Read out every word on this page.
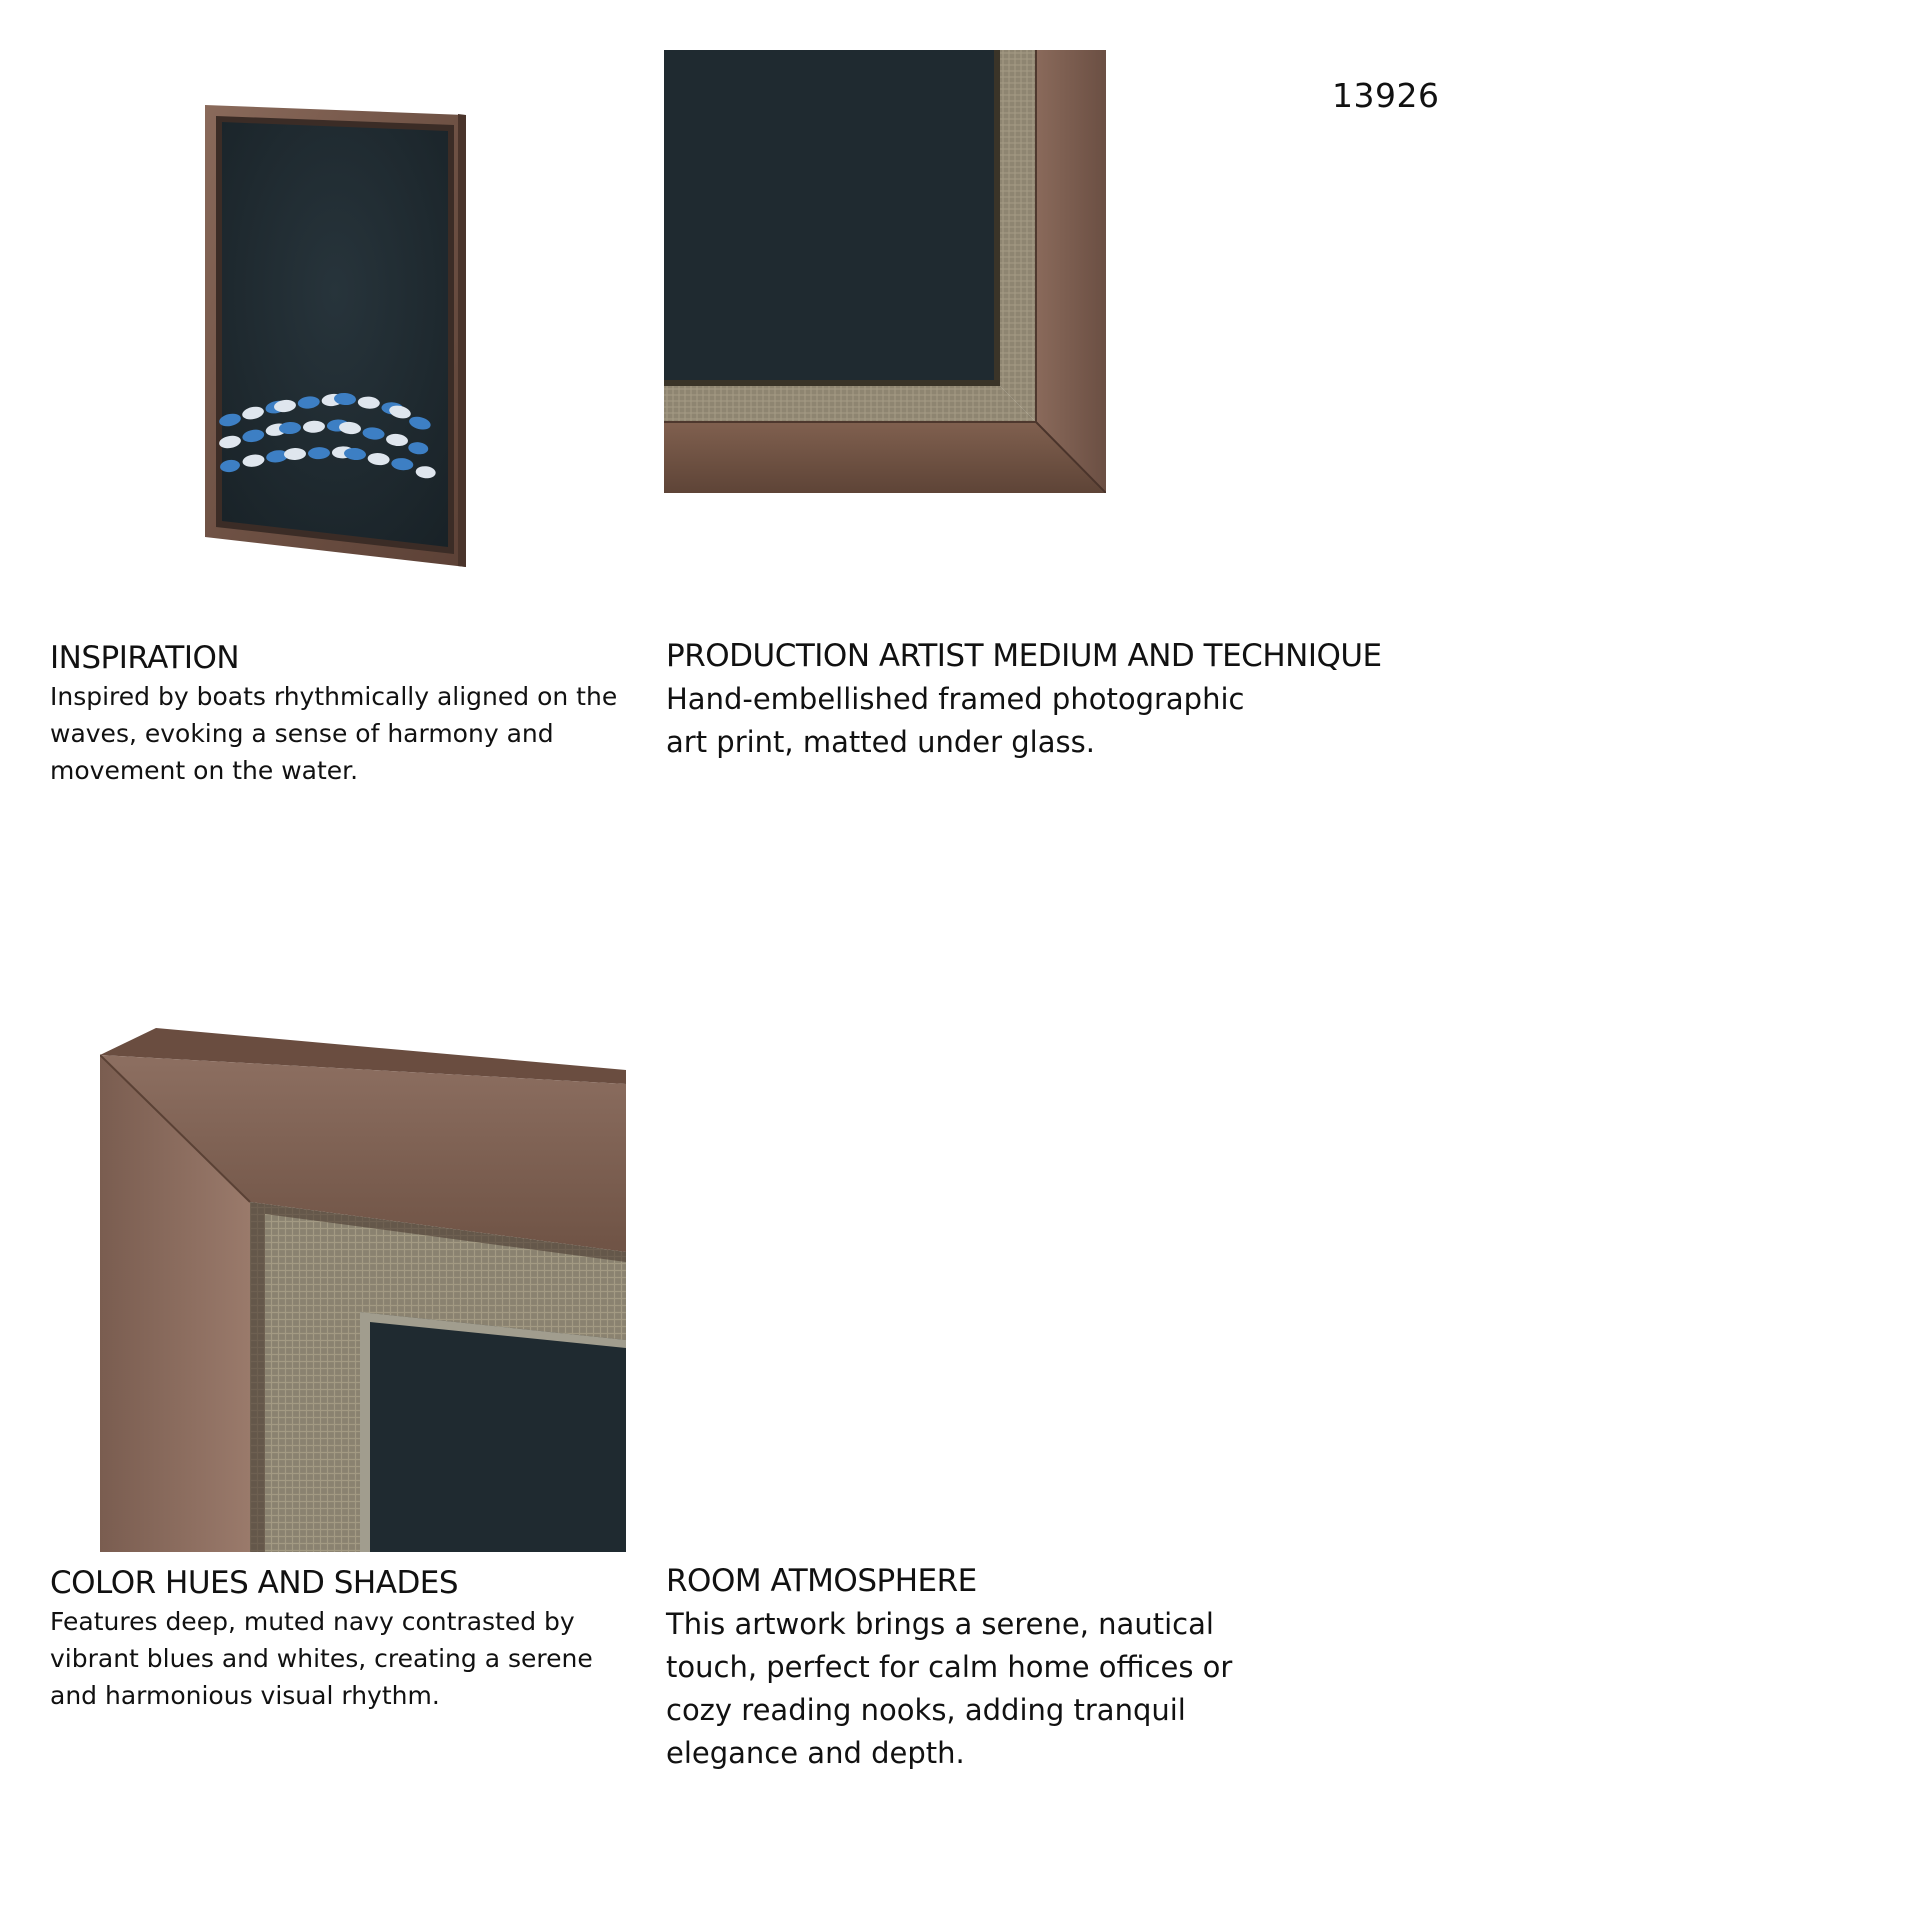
13926
INSPIRATION

Inspired by boats rhythmically aligned on the
waves, evoking a sense of harmony and
movement on the water.

PRODUCTION ARTIST MEDIUM AND TECHNIQUE

Hand-embellished framed photographic
art print, matted under glass.

COLOR HUES AND SHADES

Features deep, muted navy contrasted by
vibrant blues and whites, creating a serene
and harmonious visual rhythm.

ROOM ATMOSPHERE

This artwork brings a serene, nautical
touch, perfect for calm home offices or
cozy reading nooks, adding tranquil
elegance and depth.
